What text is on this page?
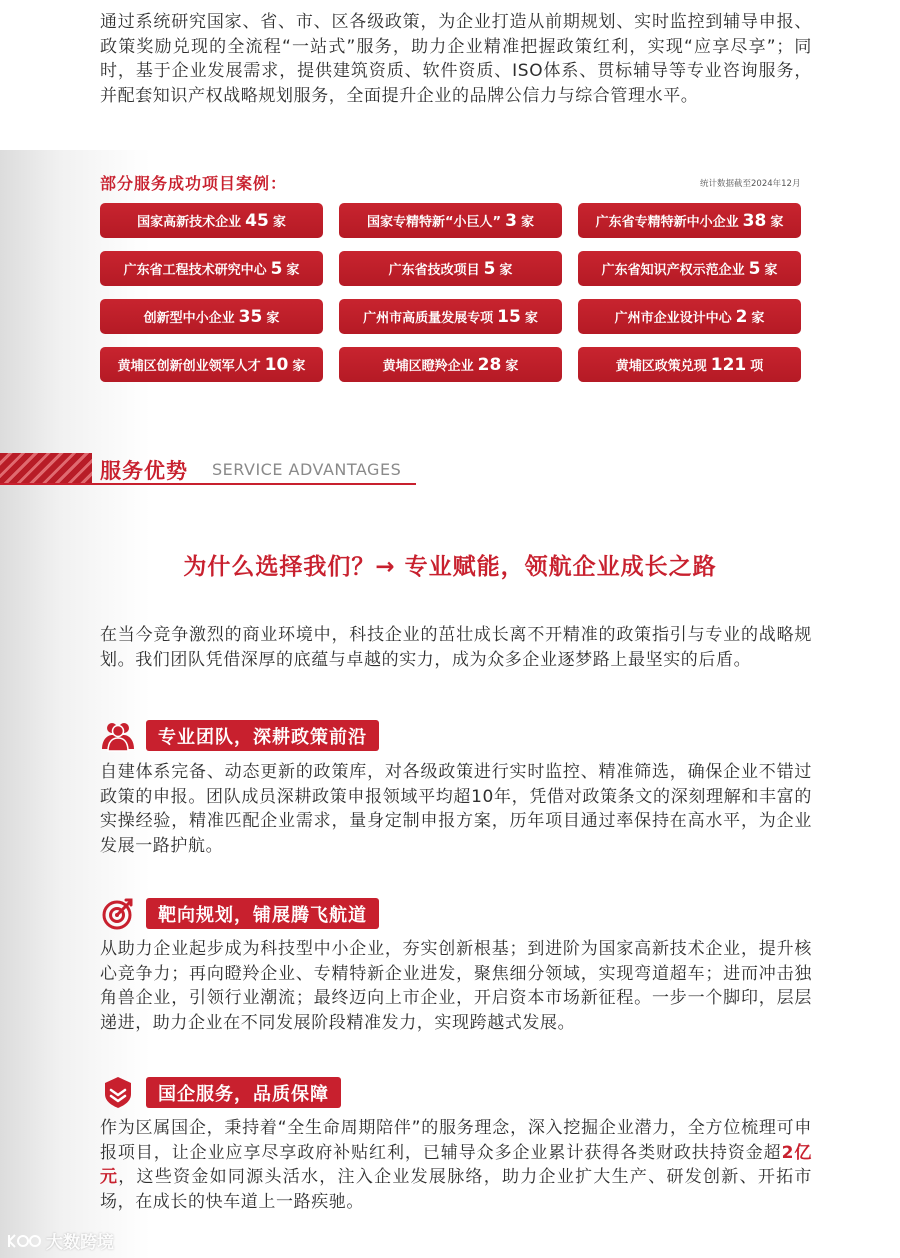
通过系统研究国家、省、市、区各级政策，为企业打造从前期规划、实时监控到辅导申报、政策奖励兑现的全流程“一站式”服务，助力企业精准把握政策红利，实现“应享尽享”；同时，基于企业发展需求，提供建筑资质、软件资质、ISO体系、贯标辅导等专业咨询服务，并配套知识产权战略规划服务，全面提升企业的品牌公信力与综合管理水平。

部分服务成功项目案例：	统计数据截至2024年12月
国家高新技术企业 45 家	国家专精特新“小巨人” 3 家	广东省专精特新中小企业 38 家
广东省工程技术研究中心 5 家	广东省技改项目 5 家	广东省知识产权示范企业 5 家
创新型中小企业 35 家	广州市高质量发展专项 15 家	广州市企业设计中心 2 家
黄埔区创新创业领军人才 10 家	黄埔区瞪羚企业 28 家	黄埔区政策兑现 121 项
服务优势 SERVICE ADVANTAGES
为什么选择我们？→ 专业赋能，领航企业成长之路

在当今竞争激烈的商业环境中，科技企业的茁壮成长离不开精准的政策指引与专业的战略规划。我们团队凭借深厚的底蕴与卓越的实力，成为众多企业逐梦路上最坚实的后盾。

专业团队，深耕政策前沿

自建体系完备、动态更新的政策库，对各级政策进行实时监控、精准筛选，确保企业不错过政策的申报。团队成员深耕政策申报领域平均超10年，凭借对政策条文的深刻理解和丰富的实操经验，精准匹配企业需求，量身定制申报方案，历年项目通过率保持在高水平，为企业发展一路护航。

靶向规划，铺展腾飞航道

从助力企业起步成为科技型中小企业，夯实创新根基；到进阶为国家高新技术企业，提升核心竞争力；再向瞪羚企业、专精特新企业进发，聚焦细分领域，实现弯道超车；进而冲击独角兽企业，引领行业潮流；最终迈向上市企业，开启资本市场新征程。一步一个脚印，层层递进，助力企业在不同发展阶段精准发力，实现跨越式发展。

国企服务，品质保障

作为区属国企，秉持着“全生命周期陪伴”的服务理念，深入挖掘企业潜力，全方位梳理可申报项目，让企业应享尽享政府补贴红利，已辅导众多企业累计获得各类财政扶持资金超2亿元，这些资金如同源头活水，注入企业发展脉络，助力企业扩大生产、研发创新、开拓市场，在成长的快车道上一路疾驰。

大数跨境
